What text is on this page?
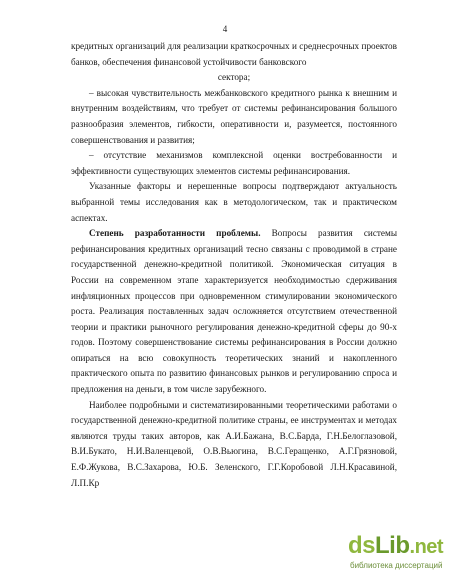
4

кредитных организаций для реализации краткосрочных и среднесрочных проектов банков, обеспечения финансовой устойчивости банковского

сектора;

– высокая чувствительность межбанковского кредитного рынка к внешним и внутренним воздействиям, что требует от системы рефинансирования большого разнообразия элементов, гибкости, оперативности и, разумеется, постоянного совершенствования и развития;

– отсутствие механизмов комплексной оценки востребованности и эффективности существующих элементов системы рефинансирования.

Указанные факторы и нерешенные вопросы подтверждают актуальность выбранной темы исследования как в методологическом, так и практическом аспектах.

Степень разработанности проблемы. Вопросы развития системы рефинансирования кредитных организаций тесно связаны с проводимой в стране государственной денежно-кредитной политикой. Экономическая ситуация в России на современном этапе характеризуется необходимостью сдерживания инфляционных процессов при одновременном стимулировании экономического роста. Реализация поставленных задач осложняется отсутствием отечественной теории и практики рыночного регулирования денежно-кредитной сферы до 90-х годов. Поэтому совершенствование системы рефинансирования в России должно опираться на всю совокупность теоретических знаний и накопленного практического опыта по развитию финансовых рынков и регулированию спроса и предложения на деньги, в том числе зарубежного.

Наиболее подробными и систематизированными теоретическими работами о государственной денежно-кредитной политике страны, ее инструментах и методах являются труды таких авторов, как А.И.Бажана, В.С.Барда, Г.Н.Белоглазовой, В.И.Букато, Н.И.Валенцевой, О.В.Вьюгина, В.С.Геращенко, А.Г.Грязновой, Е.Ф.Жукова, В.С.Захарова, Ю.Б. Зеленского, Г.Г.Коробовой Л.Н.Красавиной, Л.П.Кр

dsLib.net
библиотека диссертаций
